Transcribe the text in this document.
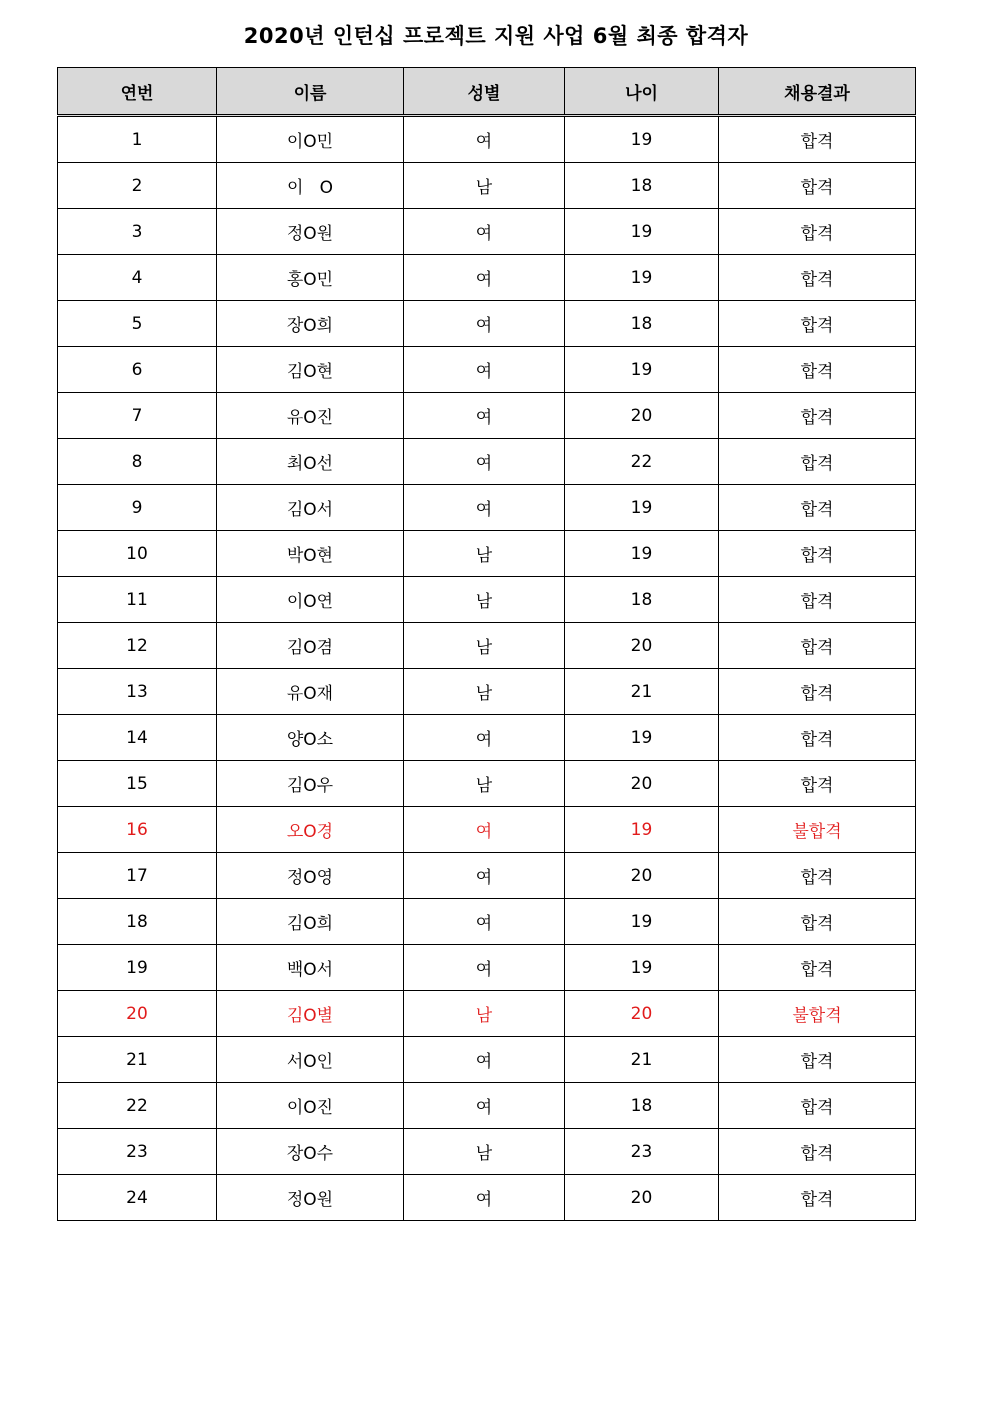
2020년 인턴십 프로젝트 지원 사업 6월 최종 합격자
연번	이름	성별	나이	채용결과
1	이O민	여	19	합격
2	이   O	남	18	합격
3	정O원	여	19	합격
4	홍O민	여	19	합격
5	장O희	여	18	합격
6	김O현	여	19	합격
7	유O진	여	20	합격
8	최O선	여	22	합격
9	김O서	여	19	합격
10	박O현	남	19	합격
11	이O연	남	18	합격
12	김O겸	남	20	합격
13	유O재	남	21	합격
14	양O소	여	19	합격
15	김O우	남	20	합격
16	오O경	여	19	불합격
17	정O영	여	20	합격
18	김O희	여	19	합격
19	백O서	여	19	합격
20	김O별	남	20	불합격
21	서O인	여	21	합격
22	이O진	여	18	합격
23	장O수	남	23	합격
24	정O원	여	20	합격
